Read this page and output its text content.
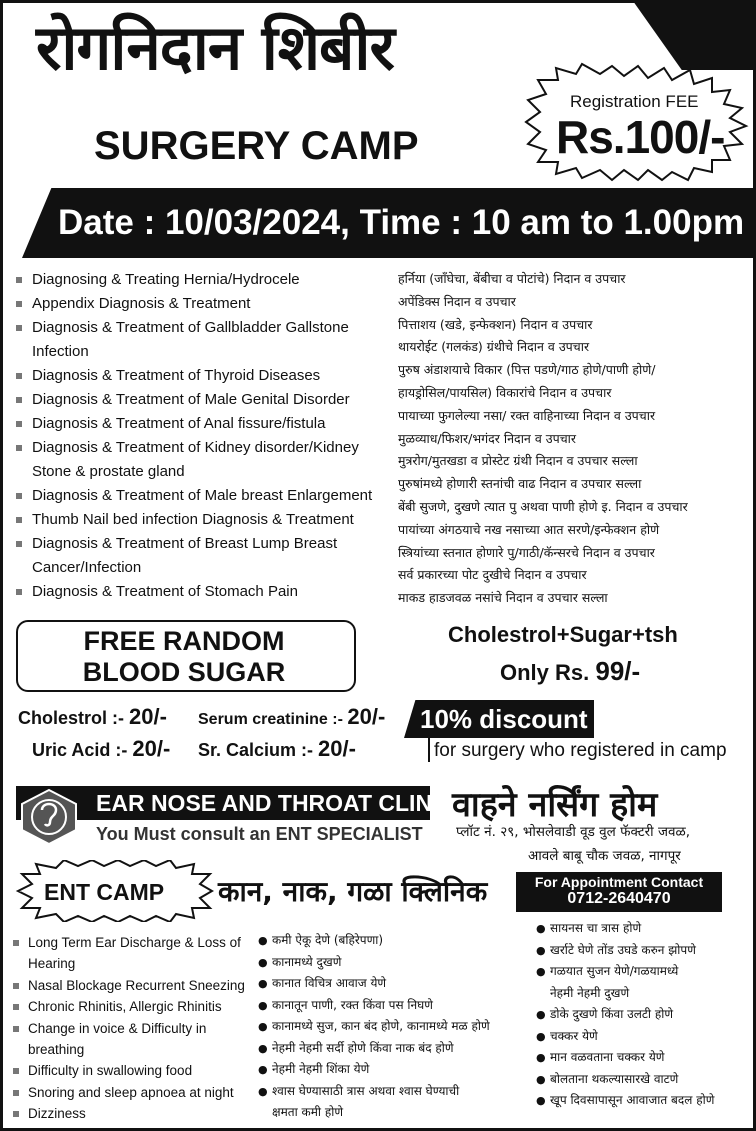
रोगनिदान शिबीर
SURGERY CAMP
Registration FEE
Rs.100/-
Date : 10/03/2024, Time : 10 am to 1.00pm
Diagnosing & Treating Hernia/Hydrocele
Appendix Diagnosis & Treatment
Diagnosis & Treatment of Gallbladder Gallstone Infection
Diagnosis & Treatment of Thyroid Diseases
Diagnosis & Treatment of Male Genital Disorder
Diagnosis & Treatment of Anal fissure/fistula
Diagnosis & Treatment of Kidney disorder/Kidney Stone & prostate gland
Diagnosis & Treatment of Male breast Enlargement
Thumb Nail bed infection Diagnosis & Treatment
Diagnosis & Treatment of Breast Lump Breast Cancer/Infection
Diagnosis & Treatment of Stomach Pain
हर्निया (जाँघेचा, बेंबीचा व पोटांचे) निदान व उपचार
अपेंडिक्स निदान व उपचार
पित्ताशय (खडे, इन्फेक्शन) निदान व उपचार
थायरोईट (गलकंड) ग्रंथीचे निदान व उपचार
पुरुष अंडाशयाचे विकार (पित्त पडणे/गाठ होणे/पाणी होणे/
हायड्रोसिल/पायसिल) विकारांचे निदान व उपचार
पायाच्या फुगलेल्या नसा/ रक्त वाहिनाच्या निदान व उपचार
मुळव्याध/फिशर/भगंदर निदान व उपचार
मुत्ररोग/मुतखडा व प्रोस्टेट ग्रंथी निदान व उपचार सल्ला
पुरुषांमध्ये होणारी स्तनांची वाढ निदान व उपचार सल्ला
बेंबी सुजणे, दुखणे त्यात पु अथवा पाणी होणे इ. निदान व उपचार
पायांच्या अंगठयाचे नख नसाच्या आत सरणे/इन्फेक्शन होणे
स्त्रियांच्या स्तनात होणारे पु/गाठी/कॅन्सरचे निदान व उपचार
सर्व प्रकारच्या पोट दुखीचे निदान व उपचार
माकड हाडजवळ नसांचे निदान व उपचार सल्ला
FREE RANDOM
BLOOD SUGAR
Cholestrol+Sugar+tsh
Only Rs. 99/-
Cholestrol :- 20/- Serum creatinine :- 20/-
Uric Acid :- 20/- Sr. Calcium :- 20/-
10% discount
for surgery who registered in camp
EAR NOSE AND THROAT CLINIC
You Must consult an ENT SPECIALIST
वाहने नर्सिंग होम
प्लॉट नं. २९, भोसलेवाडी वूड वुल फॅक्टरी जवळ,
आवले बाबू चौक जवळ, नागपूर
ENT CAMP कान, नाक, गळा क्लिनिक	For Appointment Contact
0712-2640470
Long Term Ear Discharge & Loss of Hearing
Nasal Blockage Recurrent Sneezing
Chronic Rhinitis, Allergic Rhinitis
Change in voice & Difficulty in breathing
Difficulty in swallowing food
Snoring and sleep apnoea at night
Dizziness
● कमी ऐकू देणे (बहिरेपणा)
● कानामध्ये दुखणे
● कानात विचित्र आवाज येणे
● कानातून पाणी, रक्त किंवा पस निघणे
● कानामध्ये सुज, कान बंद होणे, कानामध्ये मळ होणे
● नेहमी नेहमी सर्दी होणे किंवा नाक बंद होणे
● नेहमी नेहमी शिंका येणे
● श्वास घेण्यासाठी त्रास अथवा श्वास घेण्याची
क्षमता कमी होणे
● सायनस चा त्रास होणे
● खर्राटे घेणे तोंड उघडे करुन झोपणे
● गळयात सुजन येणे/गळयामध्ये
नेहमी नेहमी दुखणे
● डोके दुखणे किंवा उलटी होणे
● चक्कर येणे
● मान वळवताना चक्कर येणे
● बोलताना थकल्यासारखे वाटणे
● खूप दिवसापासून आवाजात बदल होणे
